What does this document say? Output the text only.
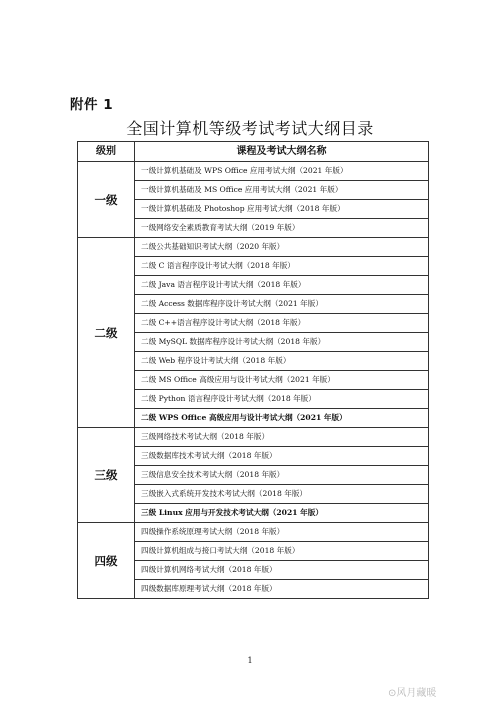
附件 1
全国计算机等级考试考试大纲目录
级别	课程及考试大纲名称
一级	一级计算机基础及 WPS Office 应用考试大纲（2021 年版）
	一级计算机基础及 MS Office 应用考试大纲（2021 年版）
	一级计算机基础及 Photoshop 应用考试大纲（2018 年版）
	一级网络安全素质教育考试大纲（2019 年版）
二级	二级公共基础知识考试大纲（2020 年版）
	二级 C 语言程序设计考试大纲（2018 年版）
	二级 Java 语言程序设计考试大纲（2018 年版）
	二级 Access 数据库程序设计考试大纲（2021 年版）
	二级 C++语言程序设计考试大纲（2018 年版）
	二级 MySQL 数据库程序设计考试大纲（2018 年版）
	二级 Web 程序设计考试大纲（2018 年版）
	二级 MS Office 高级应用与设计考试大纲（2021 年版）
	二级 Python 语言程序设计考试大纲（2018 年版）
	二级 WPS Office 高级应用与设计考试大纲（2021 年版）
三级	三级网络技术考试大纲（2018 年版）
	三级数据库技术考试大纲（2018 年版）
	三级信息安全技术考试大纲（2018 年版）
	三级嵌入式系统开发技术考试大纲（2018 年版）
	三级 Linux 应用与开发技术考试大纲（2021 年版）
四级	四级操作系统原理考试大纲（2018 年版）
	四级计算机组成与接口考试大纲（2018 年版）
	四级计算机网络考试大纲（2018 年版）
	四级数据库原理考试大纲（2018 年版）
1
⊙风月藏暖
